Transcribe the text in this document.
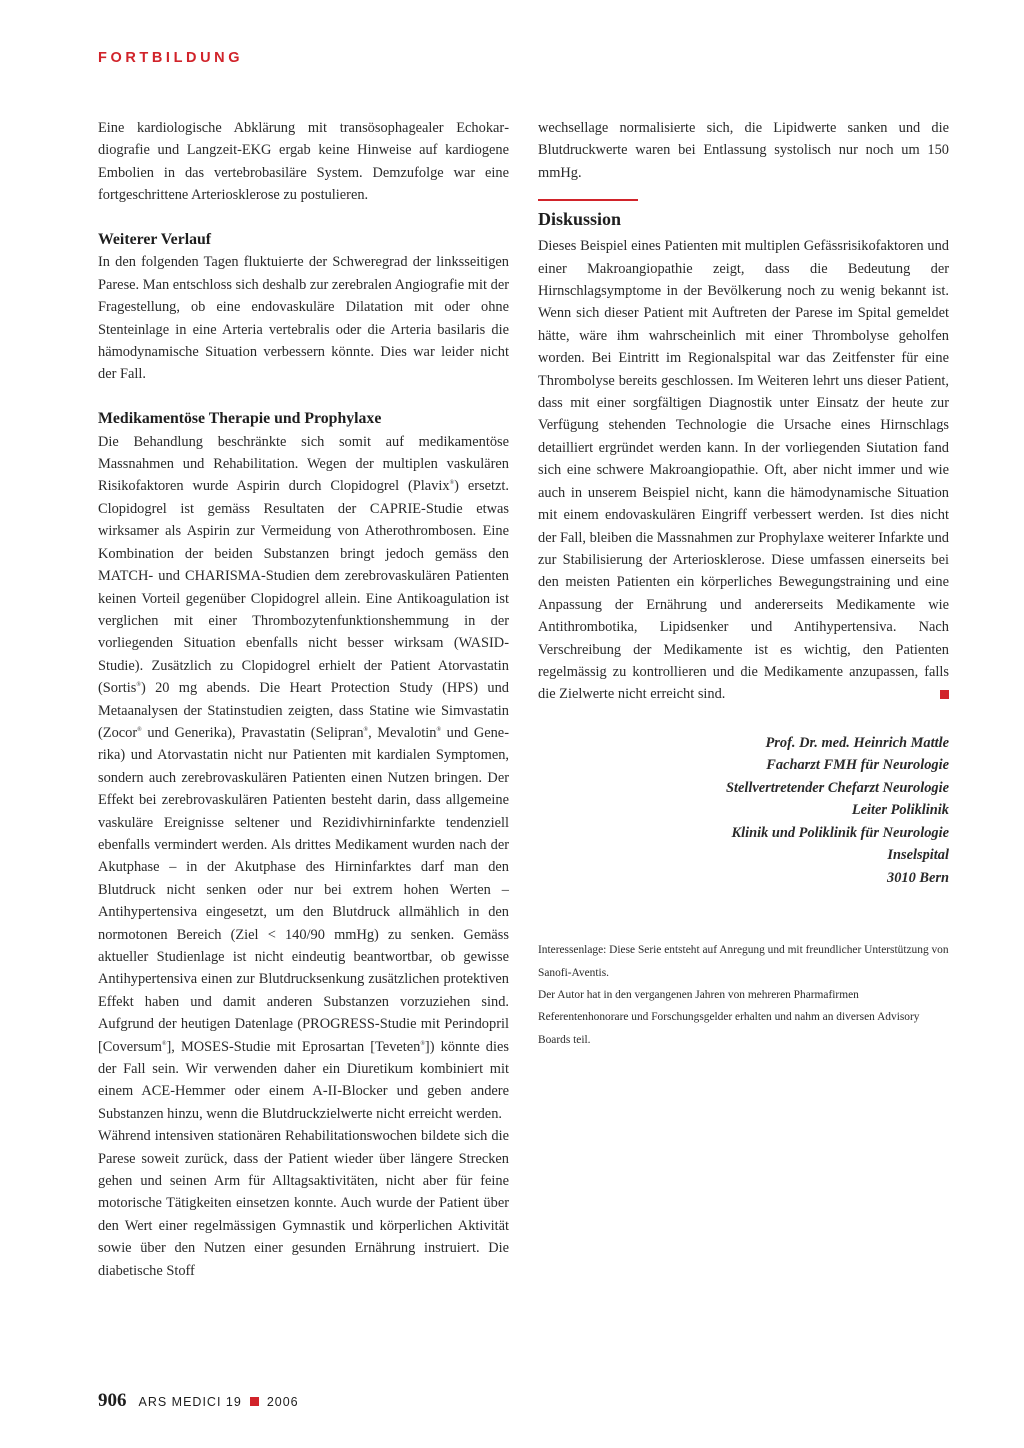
FORTBILDUNG

Eine kardiologische Abklärung mit transösophagealer Echokardiografie und Langzeit-EKG ergab keine Hinweise auf kardiogene Embolien in das vertebrobasiläre System. Demzufolge war eine fortgeschrittene Arteriosklerose zu postulieren.

Weiterer Verlauf

In den folgenden Tagen fluktuierte der Schweregrad der linksseitigen Parese. Man entschloss sich deshalb zur zerebralen Angiografie mit der Fragestellung, ob eine endovaskuläre Dilatation mit oder ohne Stenteinlage in eine Arteria vertebralis oder die Arteria basilaris die hämodynamische Situation verbessern könnte. Dies war leider nicht der Fall.

Medikamentöse Therapie und Prophylaxe

Die Behandlung beschränkte sich somit auf medikamentöse Massnahmen und Rehabilitation. Wegen der multiplen vaskulären Risikofaktoren wurde Aspirin durch Clopidogrel (Plavix®) ersetzt. Clopidogrel ist gemäss Resultaten der CAPRIE-Studie etwas wirksamer als Aspirin zur Vermeidung von Atherothrombosen. Eine Kombination der beiden Substanzen bringt jedoch gemäss den MATCH- und CHARISMA-Studien dem zerebrovaskulären Patienten keinen Vorteil gegenüber Clopidogrel allein. Eine Antikoagulation ist verglichen mit einer Thrombozytenfunktionshemmung in der vorliegenden Situation ebenfalls nicht besser wirksam (WASID-Studie). Zusätzlich zu Clopidogrel erhielt der Patient Atorvastatin (Sortis®) 20 mg abends. Die Heart Protection Study (HPS) und Metaanalysen der Statinstudien zeigten, dass Statine wie Simvastatin (Zocor® und Generika), Pravastatin (Selipran®, Mevalotin® und Generika) und Atorvastatin nicht nur Patienten mit kardialen Symptomen, sondern auch zerebrovaskulären Patienten einen Nutzen bringen. Der Effekt bei zerebrovaskulären Patienten besteht darin, dass allgemeine vaskuläre Ereignisse seltener und Rezidivhirninfarkte tendenziell ebenfalls vermindert werden. Als drittes Medikament wurden nach der Akutphase – in der Akutphase des Hirninfarktes darf man den Blutdruck nicht senken oder nur bei extrem hohen Werten – Antihypertensiva eingesetzt, um den Blutdruck allmählich in den normotonen Bereich (Ziel < 140/90 mmHg) zu senken. Gemäss aktueller Studienlage ist nicht eindeutig beantwortbar, ob gewisse Antihypertensiva einen zur Blutdrucksenkung zusätzlichen protektiven Effekt haben und damit anderen Substanzen vorzuziehen sind. Aufgrund der heutigen Datenlage (PROGRESS-Studie mit Perindopril [Coversum®], MOSES-Studie mit Eprosartan [Teveten®]) könnte dies der Fall sein. Wir verwenden daher ein Diuretikum kombiniert mit einem ACE-Hemmer oder einem A-II-Blocker und geben andere Substanzen hinzu, wenn die Blutdruckzielwerte nicht erreicht werden.

Während intensiven stationären Rehabilitationswochen bildete sich die Parese soweit zurück, dass der Patient wieder über längere Strecken gehen und seinen Arm für Alltagsaktivitäten, nicht aber für feine motorische Tätigkeiten einsetzen konnte. Auch wurde der Patient über den Wert einer regelmässigen Gymnastik und körperlichen Aktivität sowie über den Nutzen einer gesunden Ernährung instruiert. Die diabetische Stoff

wechsellage normalisierte sich, die Lipidwerte sanken und die Blutdruckwerte waren bei Entlassung systolisch nur noch um 150 mmHg.

Diskussion

Dieses Beispiel eines Patienten mit multiplen Gefässrisikofaktoren und einer Makroangiopathie zeigt, dass die Bedeutung der Hirnschlagsymptome in der Bevölkerung noch zu wenig bekannt ist. Wenn sich dieser Patient mit Auftreten der Parese im Spital gemeldet hätte, wäre ihm wahrscheinlich mit einer Thrombolyse geholfen worden. Bei Eintritt im Regionalspital war das Zeitfenster für eine Thrombolyse bereits geschlossen. Im Weiteren lehrt uns dieser Patient, dass mit einer sorgfältigen Diagnostik unter Einsatz der heute zur Verfügung stehenden Technologie die Ursache eines Hirnschlags detailliert ergründet werden kann. In der vorliegenden Siutation fand sich eine schwere Makroangiopathie. Oft, aber nicht immer und wie auch in unserem Beispiel nicht, kann die hämodynamische Situation mit einem endovaskulären Eingriff verbessert werden. Ist dies nicht der Fall, bleiben die Massnahmen zur Prophylaxe weiterer Infarkte und zur Stabilisierung der Arteriosklerose. Diese umfassen einerseits bei den meisten Patienten ein körperliches Bewegungstraining und eine Anpassung der Ernährung und andererseits Medikamente wie Antithrombotika, Lipidsenker und Antihypertensiva. Nach Verschreibung der Medikamente ist es wichtig, den Patienten regelmässig zu kontrollieren und die Medikamente anzupassen, falls die Zielwerte nicht erreicht sind.

Prof. Dr. med. Heinrich Mattle
Facharzt FMH für Neurologie
Stellvertretender Chefarzt Neurologie
Leiter Poliklinik
Klinik und Poliklinik für Neurologie
Inselspital
3010 Bern

Interessenlage: Diese Serie entsteht auf Anregung und mit freundlicher Unterstützung von Sanofi-Aventis.

Der Autor hat in den vergangenen Jahren von mehreren Pharmafirmen Referentenhonorare und Forschungsgelder erhalten und nahm an diversen Advisory Boards teil.

906 ARS MEDICI 19 2006
